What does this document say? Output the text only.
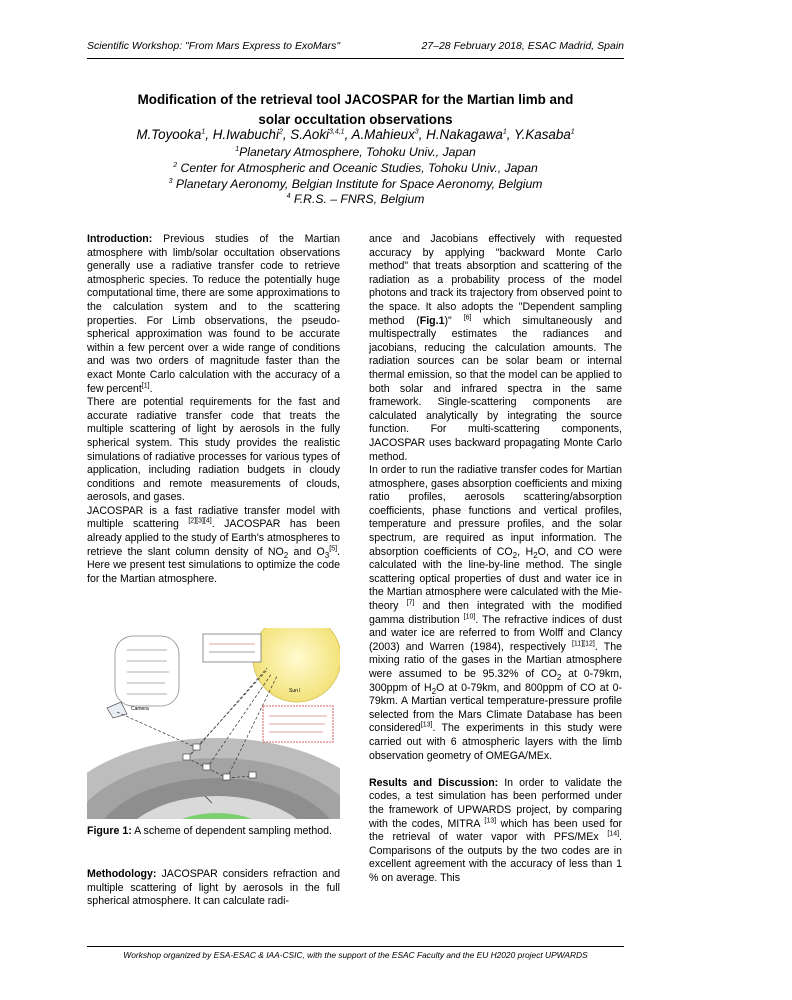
Scientific Workshop: "From Mars Express to ExoMars"	27–28 February 2018, ESAC Madrid, Spain
Modification of the retrieval tool JACOSPAR for the Martian limb and
solar occultation observations
M.Toyooka$^1$, H.Iwabuchi$^2$, S.Aoki$^{3,4,1}$, A.Mahieux$^3$, H.Nakagawa$^1$, Y.Kasaba$^1$
$^1$Planetary Atmosphere, Tohoku Univ., Japan
$^2$ Center for Atmospheric and Oceanic Studies, Tohoku Univ., Japan
$^3$ Planetary Aeronomy, Belgian Institute for Space Aeronomy, Belgium
$^4$ F.R.S. – FNRS, Belgium

Introduction: Previous studies of the Martian atmosphere with limb/solar occultation observations generally use a radiative transfer code to retrieve atmospheric species. To reduce the potentially huge computational time, there are some approximations to the calculation system and to the scattering properties. For Limb observations, the pseudo-spherical approximation was found to be accurate within a few percent over a wide range of conditions and was two orders of magnitude faster than the exact Monte Carlo calculation with the accuracy of a few percent[1].

There are potential requirements for the fast and accurate radiative transfer code that treats the multiple scattering of light by aerosols in the fully spherical system. This study provides the realistic simulations of radiative processes for various types of application, including radiation budgets in cloudy conditions and remote measurements of clouds, aerosols, and gases.

JACOSPAR is a fast radiative transfer model with multiple scattering [2][3][4]. JACOSPAR has been already applied to the study of Earth's atmospheres to retrieve the slant column density of $NO_2$ and $O_3[5]$. Here we present test simulations to optimize the code for the Martian atmosphere.

Sun l
Camera
Figure 1: A scheme of dependent sampling method.

Methodology: JACOSPAR considers refraction and multiple scattering of light by aerosols in the full spherical atmosphere. It can calculate radi-

ance and Jacobians effectively with requested accuracy by applying "backward Monte Carlo method" that treats absorption and scattering of the radiation as a probability process of the model photons and track its trajectory from observed point to the space. It also adopts the "Dependent sampling method (Fig.1)" [6] which simultaneously and multispectrally estimates the radiances and jacobians, reducing the calculation amounts. The radiation sources can be solar beam or internal thermal emission, so that the model can be applied to both solar and infrared spectra in the same framework. Single-scattering components are calculated analytically by integrating the source function. For multi-scattering components, JACOSPAR uses backward propagating Monte Carlo method.

In order to run the radiative transfer codes for Martian atmosphere, gases absorption coefficients and mixing ratio profiles, aerosols scattering/absorption coefficients, phase functions and vertical profiles, temperature and pressure profiles, and the solar spectrum, are required as input information. The absorption coefficients of $CO_2$, $H_2O$, and CO were calculated with the line-by-line method. The single scattering optical properties of dust and water ice in the Martian atmosphere were calculated with the Mie-theory [7] and then integrated with the modified gamma distribution [10]. The refractive indices of dust and water ice are referred to from Wolff and Clancy (2003) and Warren (1984), respectively [11][12]. The mixing ratio of the gases in the Martian atmosphere were assumed to be 95.32% of $CO_2$ at 0-79km, 300ppm of $H_2O$ at 0-79km, and 800ppm of CO at 0-79km. A Martian vertical temperature-pressure profile selected from the Mars Climate Database has been considered[13]. The experiments in this study were carried out with 6 atmospheric layers with the limb observation geometry of OMEGA/MEx.

Results and Discussion: In order to validate the codes, a test simulation has been performed under the framework of UPWARDS project, by comparing with the codes, MITRA [13] which has been used for the retrieval of water vapor with PFS/MEx [14]. Comparisons of the outputs by the two codes are in excellent agreement with the accuracy of less than 1 % on average. This

Workshop organized by ESA-ESAC & IAA-CSIC, with the support of the ESAC Faculty and the EU H2020 project UPWARDS
